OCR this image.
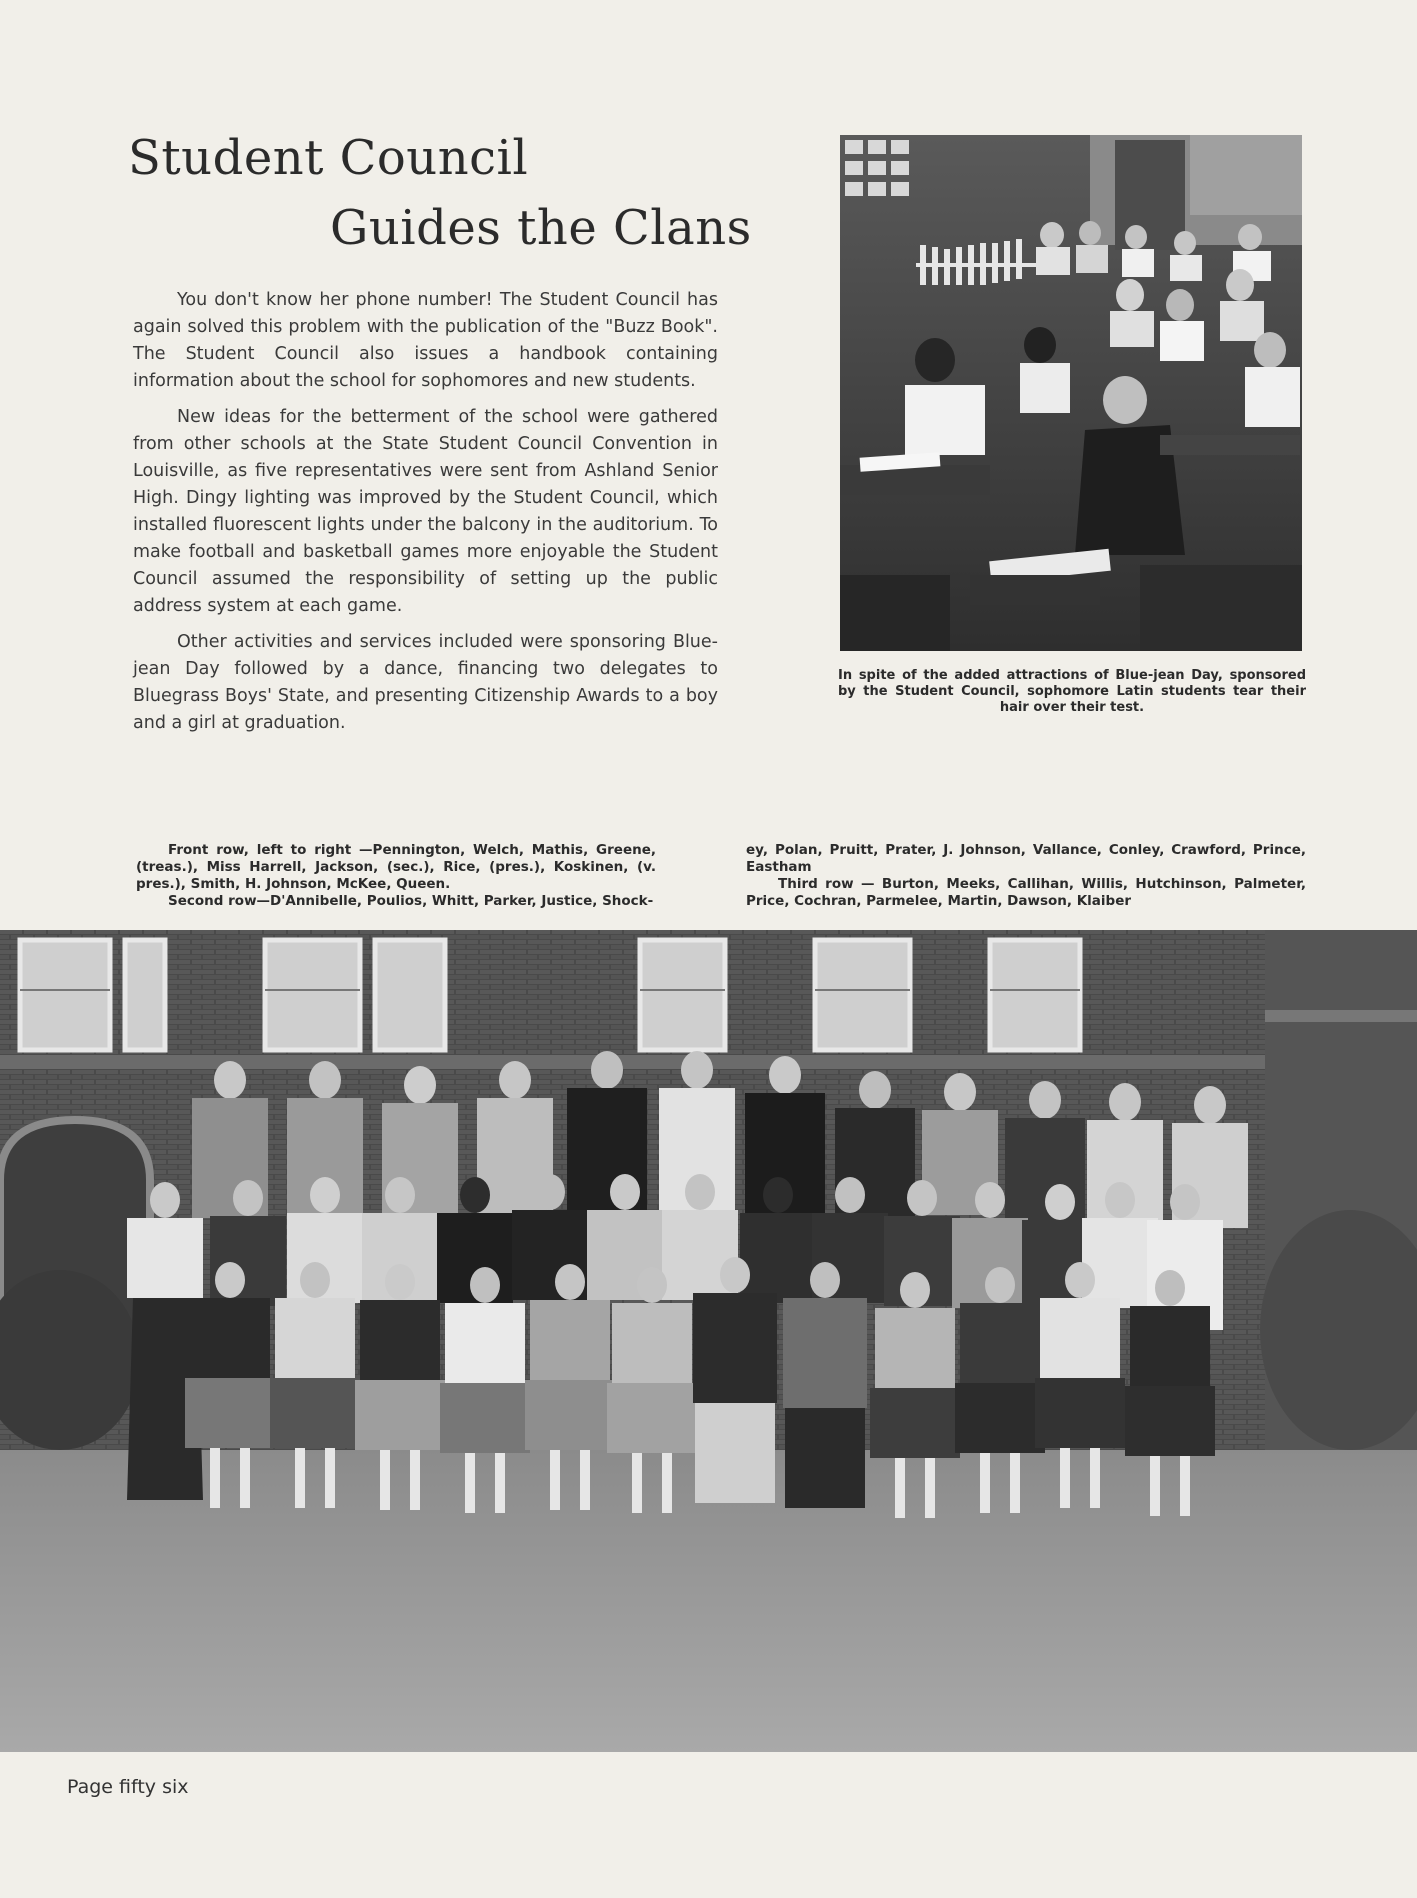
Student Council
Guides the Clans

You don't know her phone number! The Student Council has again solved this problem with the publication of the "Buzz Book". The Student Council also issues a handbook containing information about the school for sophomores and new students.

New ideas for the betterment of the school were gathered from other schools at the State Student Council Convention in Louisville, as five representatives were sent from Ashland Senior High. Dingy lighting was improved by the Student Council, which installed fluorescent lights under the balcony in the auditorium. To make football and basketball games more enjoyable the Student Council assumed the responsibility of setting up the public address system at each game.

Other activities and services included were sponsoring Blue-jean Day followed by a dance, financing two delegates to Bluegrass Boys' State, and presenting Citizenship Awards to a boy and a girl at graduation.

In spite of the added attractions of Blue-jean Day, sponsored by the Student Council, sophomore Latin students tear their hair over their test.

Front row, left to right —Pennington, Welch, Mathis, Greene, (treas.), Miss Harrell, Jackson, (sec.), Rice, (pres.), Koskinen, (v. pres.), Smith, H. Johnson, McKee, Queen.

Second row—D'Annibelle, Poulios, Whitt, Parker, Justice, Shock-

ey, Polan, Pruitt, Prater, J. Johnson, Vallance, Conley, Crawford, Prince, Eastham

Third row — Burton, Meeks, Callihan, Willis, Hutchinson, Palmeter, Price, Cochran, Parmelee, Martin, Dawson, Klaiber

Page fifty six
